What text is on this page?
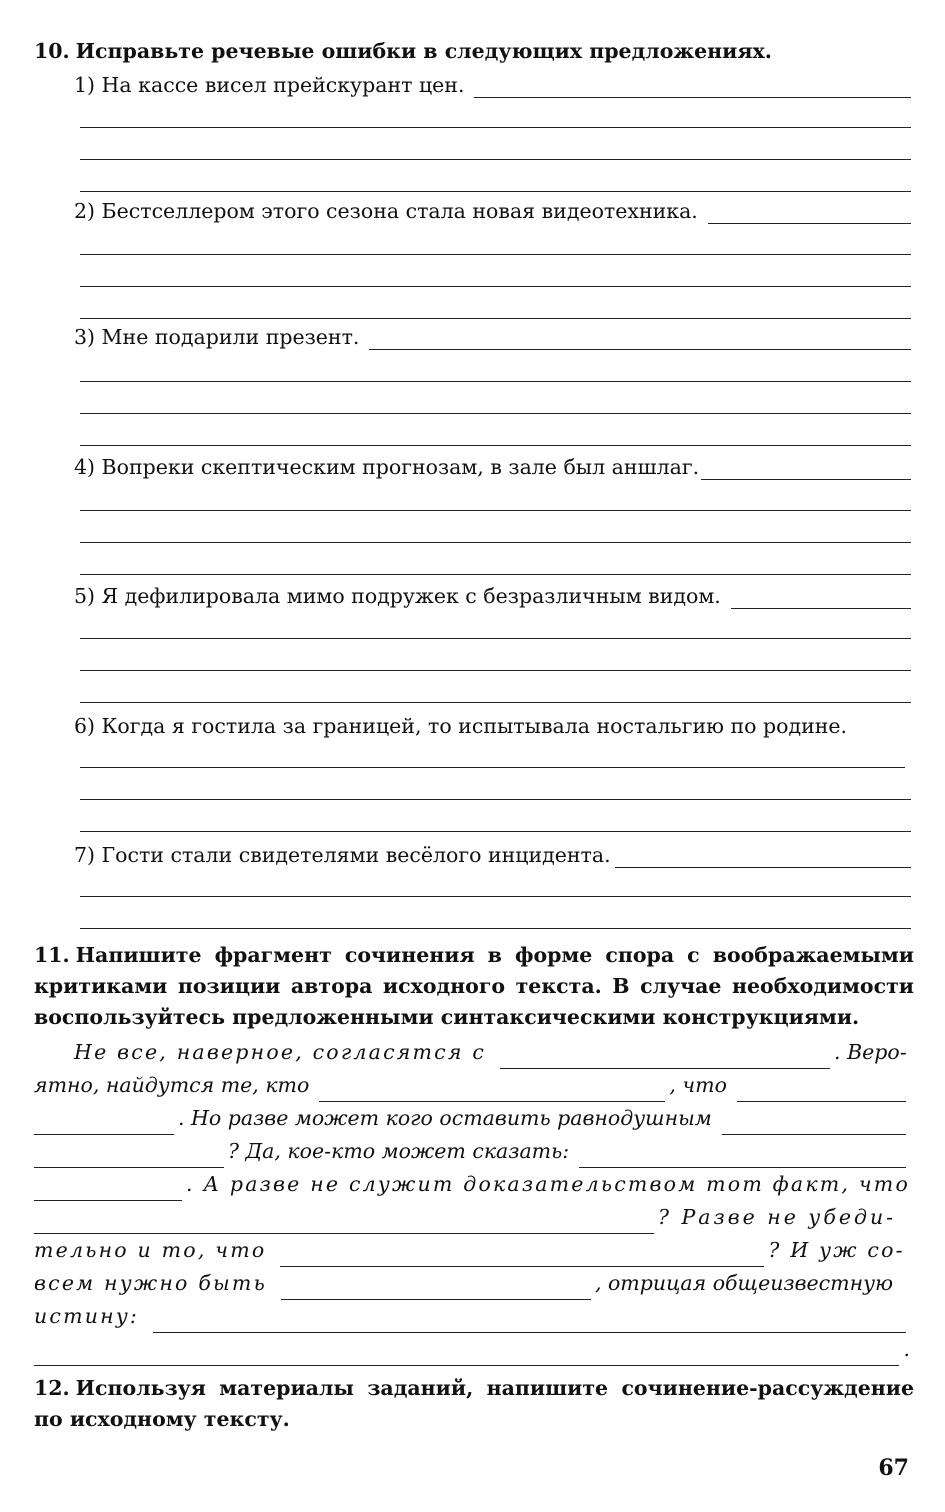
10. Исправьте речевые ошибки в следующих предложениях.
1) На кассе висел прейскурант цен.
2) Бестселлером этого сезона стала новая видеотехника.
3) Мне подарили презент.
4) Вопреки скептическим прогнозам, в зале был аншлаг.
5) Я дефилировала мимо подружек с безразличным видом.
6) Когда я гостила за границей, то испытывала ностальгию по родине.
7) Гости стали свидетелями весёлого инцидента.
11. Напишите фрагмент сочинения в форме спора с воображаемыми критиками позиции автора исходного текста. В случае необходимости воспользуйтесь предложенными синтаксическими конструкциями.
Не все, наверное, согласятся с	. Веро-
ятно, найдутся те, кто	, что
. Но разве может кого оставить равнодушным
? Да, кое-кто может сказать:
. А разве не служит доказательством тот факт, что
? Разве не убеди-
тельно и то, что	? И уж со-
всем нужно быть	, отрицая общеизвестную
истину:
.
12. Используя материалы заданий, напишите сочинение-рассуждение по исходному тексту.
67
